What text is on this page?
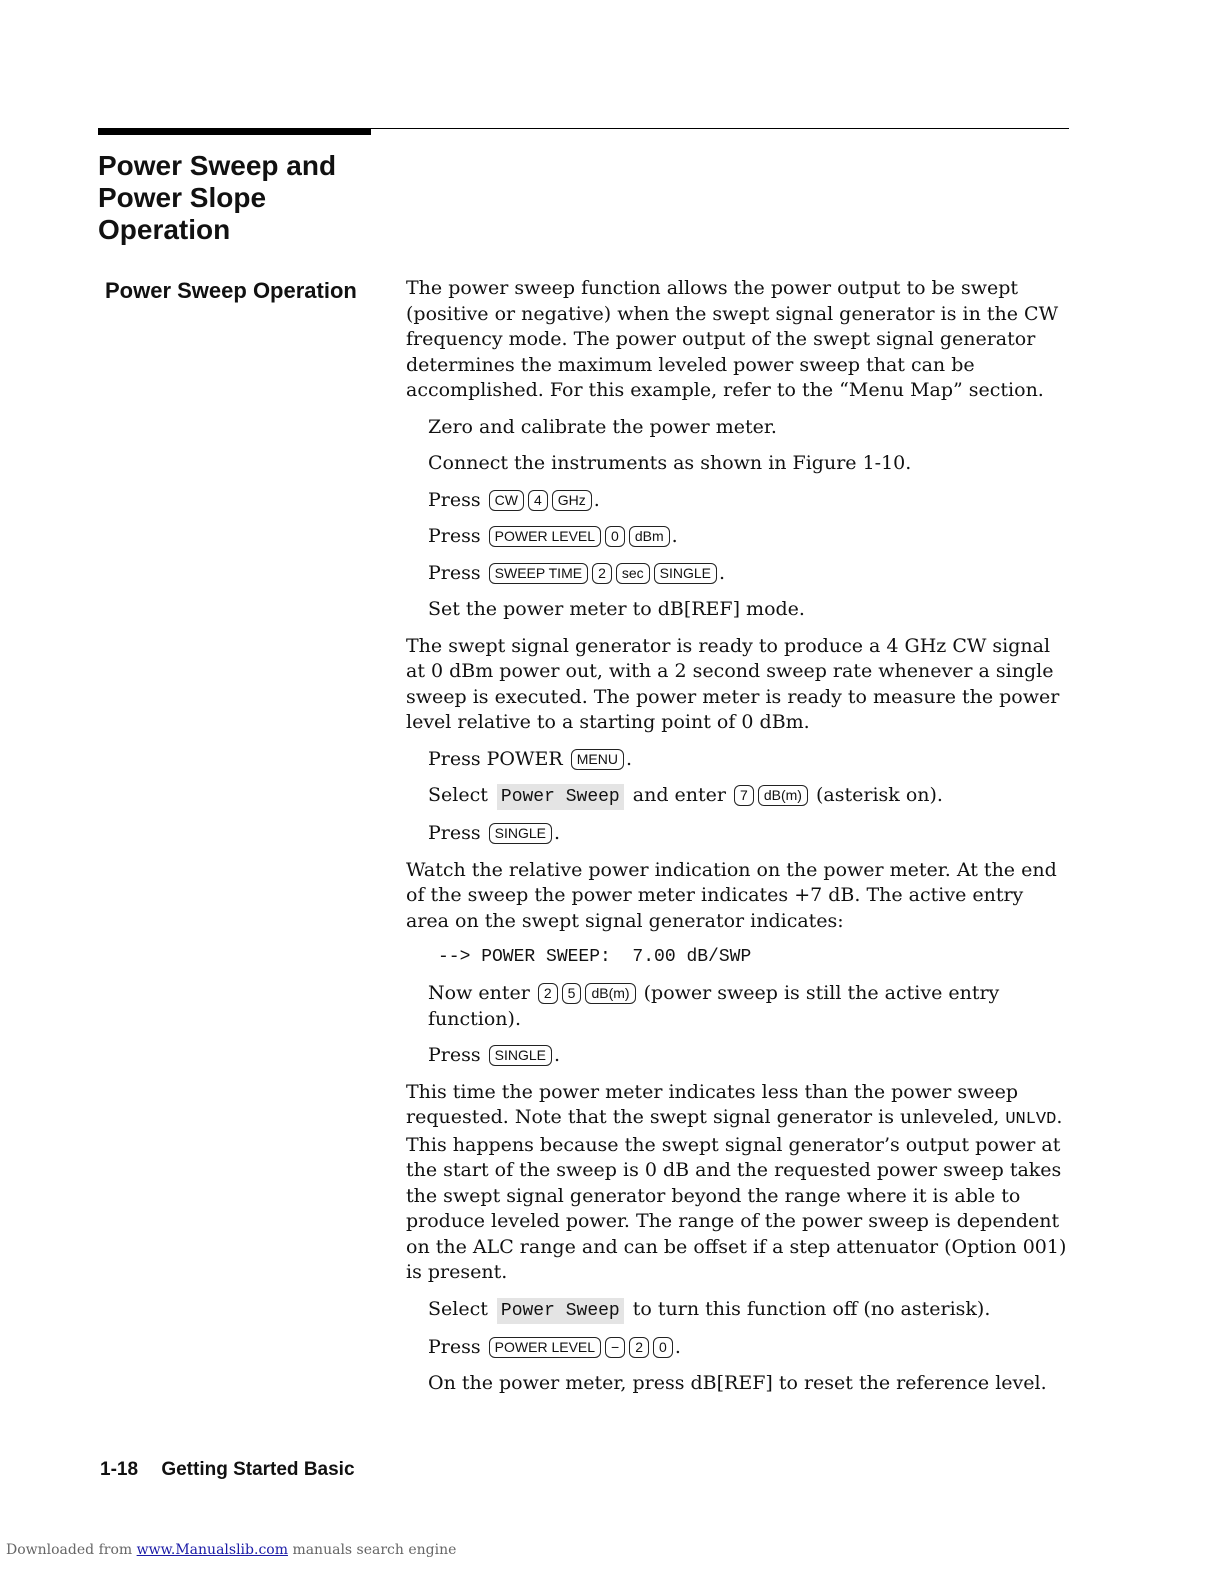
Power Sweep and
Power Slope
Operation
Power Sweep Operation	The power sweep function allows the power output to be swept (positive or negative) when the swept signal generator is in the CW frequency mode. The power output of the swept signal generator determines the maximum leveled power sweep that can be accomplished. For this example, refer to the “Menu Map” section.

Zero and calibrate the power meter.

Connect the instruments as shown in Figure 1-10.

Press CW 4 GHz .

Press POWER LEVEL 0 dBm .

Press SWEEP TIME 2 sec SINGLE .

Set the power meter to dB[REF] mode.

The swept signal generator is ready to produce a 4 GHz CW signal at 0 dBm power out, with a 2 second sweep rate whenever a single sweep is executed. The power meter is ready to measure the power level relative to a starting point of 0 dBm.

Press POWER MENU .

Select Power Sweep and enter 7 dB(m) (asterisk on).

Press SINGLE .

Watch the relative power indication on the power meter. At the end of the sweep the power meter indicates +7 dB. The active entry area on the swept signal generator indicates:

--> POWER SWEEP:  7.00 dB/SWP

Now enter 2 5 dB(m) (power sweep is still the active entry function).

Press SINGLE .

This time the power meter indicates less than the power sweep requested. Note that the swept signal generator is unleveled, UNLVD. This happens because the swept signal generator’s output power at the start of the sweep is 0 dB and the requested power sweep takes the swept signal generator beyond the range where it is able to produce leveled power. The range of the power sweep is dependent on the ALC range and can be offset if a step attenuator (Option 001) is present.

Select Power Sweep to turn this function off (no asterisk).

Press POWER LEVEL − 2 0 .

On the power meter, press dB[REF] to reset the reference level.

1-18 Getting Started Basic
Downloaded from www.Manualslib.com manuals search engine
